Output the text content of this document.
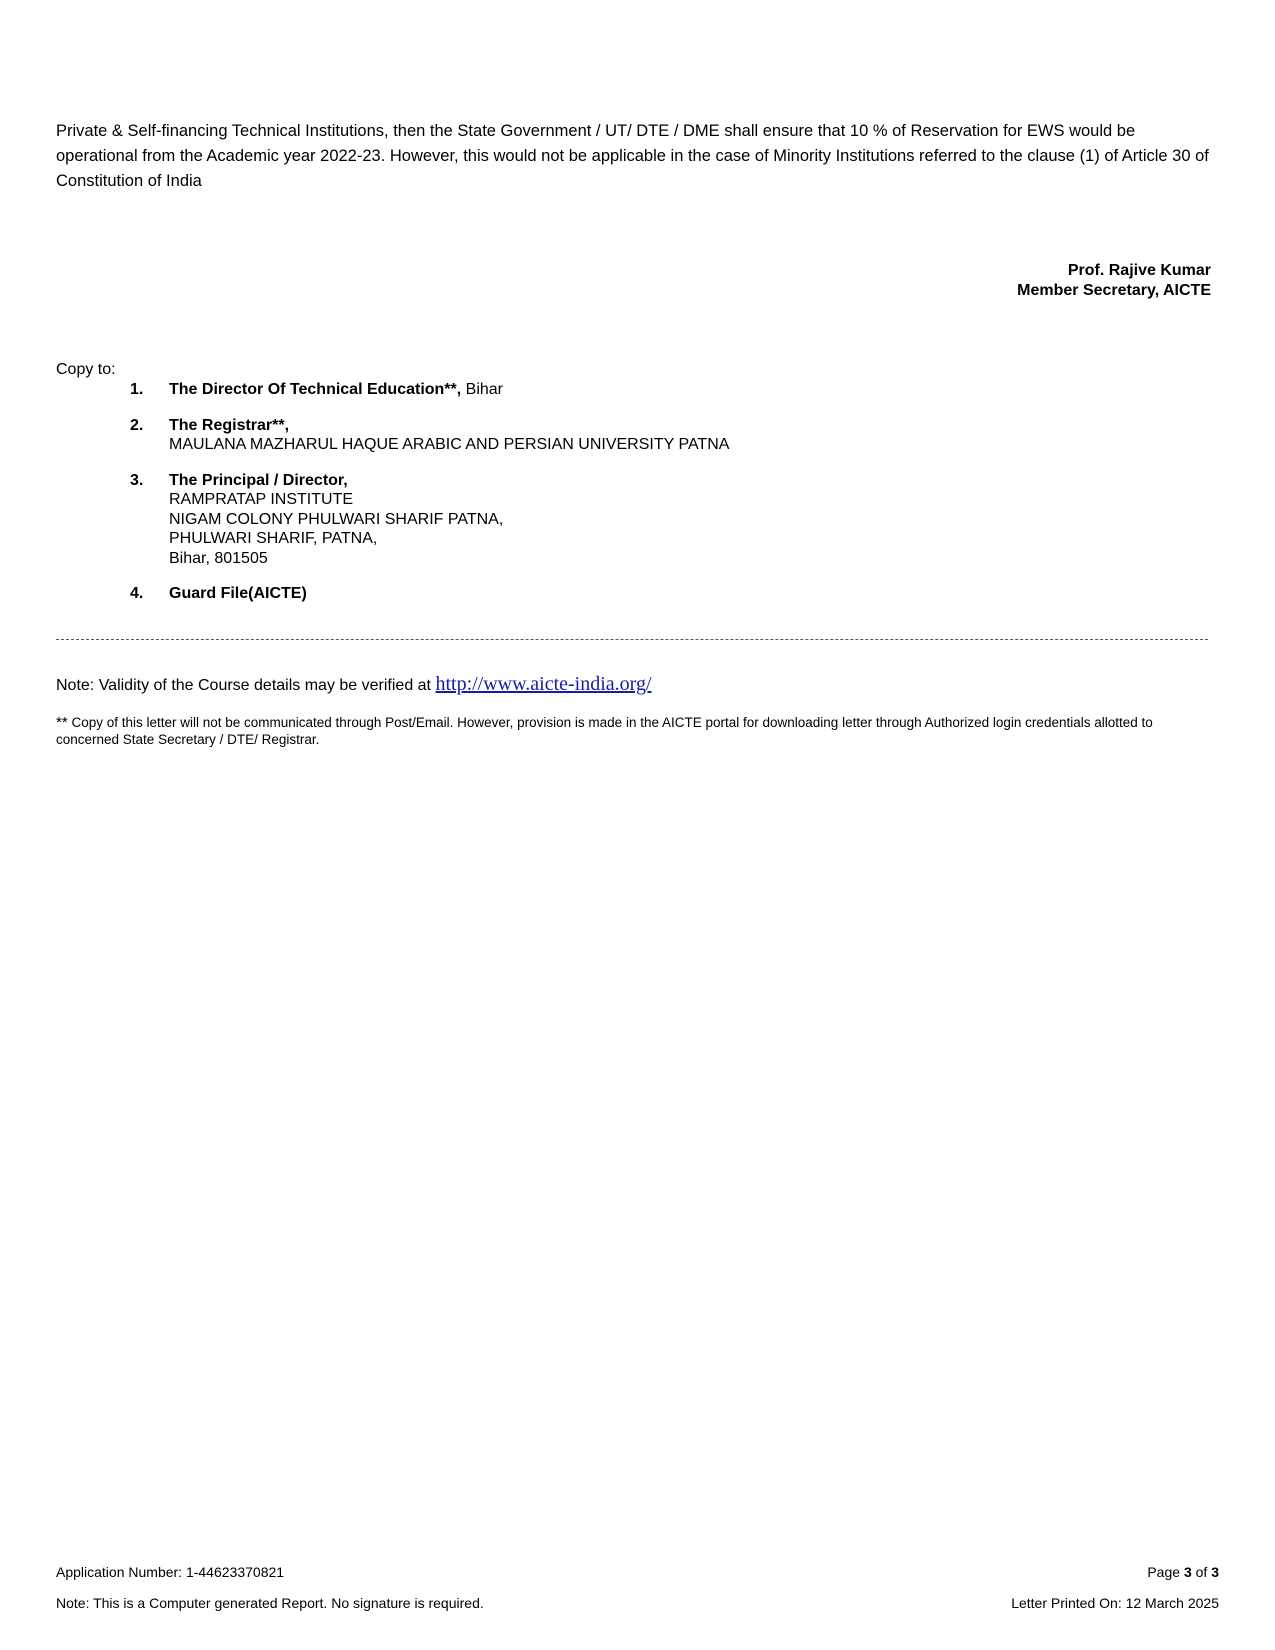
Private & Self-financing Technical Institutions, then the State Government / UT/ DTE / DME shall ensure that 10 % of Reservation for EWS would be operational from the Academic year 2022-23. However, this would not be applicable in the case of Minority Institutions referred to the clause (1) of Article 30 of Constitution of India

Prof. Rajive Kumar
Member Secretary, AICTE
Copy to:
1. The Director Of Technical Education**, Bihar
2. The Registrar**,
MAULANA MAZHARUL HAQUE ARABIC AND PERSIAN UNIVERSITY PATNA
3. The Principal / Director,
RAMPRATAP INSTITUTE
NIGAM COLONY PHULWARI SHARIF PATNA,
PHULWARI SHARIF, PATNA,
Bihar, 801505
4. Guard File(AICTE)
Note: Validity of the Course details may be verified at http://www.aicte-india.org/
** Copy of this letter will not be communicated through Post/Email. However, provision is made in the AICTE portal for downloading letter through Authorized login credentials allotted to concerned State Secretary / DTE/ Registrar.
Application Number: 1-44623370821	Page 3 of 3
Note: This is a Computer generated Report. No signature is required.	Letter Printed On: 12 March 2025
